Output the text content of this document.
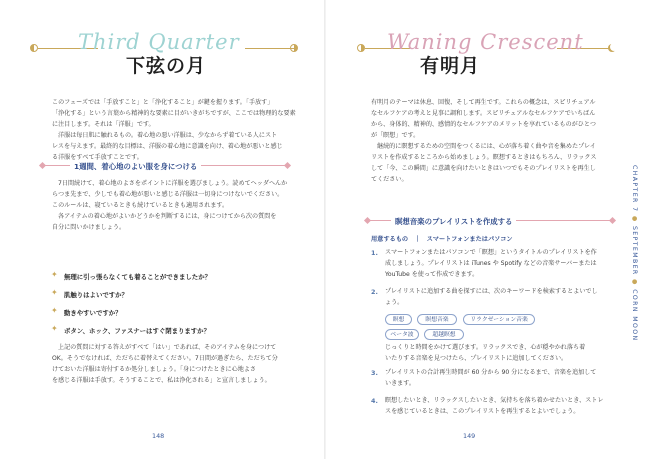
Third Quarter
下弦の月
このフェーズでは「手放すこと」と「浄化すること」が鍵を握ります。「手放す」
「浄化する」という言葉から精神的な要素に目がいきがちですが、ここでは物理的な要素
に注目します。それは「洋服」です。
洋服は毎日肌に触れるもの。着心地の悪い洋服は、少なからず着ている人にスト
レスを与えます。最終的な目標は、洋服の着心地に意識を向け、着心地が悪いと感じ
る洋服をすべて手放すことです。
1週間、着心地のよい服を身につける
7日間続けて、着心地のよさをポイントに洋服を選びましょう。読めてヘッダへんか
らつま先まで、少しでも着心地が悪いと感じる洋服は一切身につけないでください。
このルールは、寝ているときも続けているときも適用されます。
各アイテムの着心地がよいかどうかを判断するには、身につけてから次の質問を
自分に問いかけましょう。
✦ 無理に引っ張らなくても着ることができましたか？
✦ 肌触りはよいですか？
✦ 動きやすいですか？
✦ ボタン、ホック、ファスナーはすぐ閉まりますか？
上記の質問に対する答えがすべて「はい」であれば、そのアイテムを身につけて
OK。そうでなければ、ただちに着替えてください。7日間が過ぎたら、ただちて分
けておいた洋服は寄付するか処分しましょう。「身につけたときに心地よさ
を感じる洋服は手放す。そうすることで、私は浄化される」と宣言しましょう。
148
Waning Crescent
有明月
有明月のテーマは休息、回復、そして再生です。これらの概念は、スピリチュアル
なセルフケアの考えと見事に調和します。スピリチュアルなセルフケアでいちばん
から、身体的、精神的、感情的なセルフケアのメリットを享れているものがひとつ
が「瞑想」です。
継続的に瞑想するための空間をつくるには、心が落ち着く曲や音を集めたプレイ
リストを作成するところから始めましょう。瞑想するときはもちろん、リラックス
して「今、この瞬間」に意識を向けたいときはいつでもそのプレイリストを再生し
てください。
瞑想音楽のプレイリストを作成する
用意するもの　｜　スマートフォンまたはパソコン
1. スマートフォンまたはパソコンで「瞑想」というタイトルのプレイリストを作
成しましょう。プレイリストは iTunes や Spotify などの音楽サーバーまたは
YouTube を使って作成できます。
2. プレイリストに追加する曲を探すには、次のキーワードを検索するとよいでし
ょう。
瞑想	瞑想音楽	リラクゼーション音楽
ベータ波	超越瞑想
じっくりと時間をかけて選びます。リラックスでき、心が穏やかれ落ち着
いたりする音楽を見つけたら、プレイリストに追加してください。
3. プレイリストの合計再生時間が 60 分から 90 分になるまで、音楽を追加して
いきます。
4. 瞑想したいとき、リラックスしたいとき、気持ちを落ち着かせたいとき、ストレ
スを感じているときは、このプレイリストを再生するとよいでしょう。
149
CHAPTER 7 ● SEPTEMBER ● CORN MOON
